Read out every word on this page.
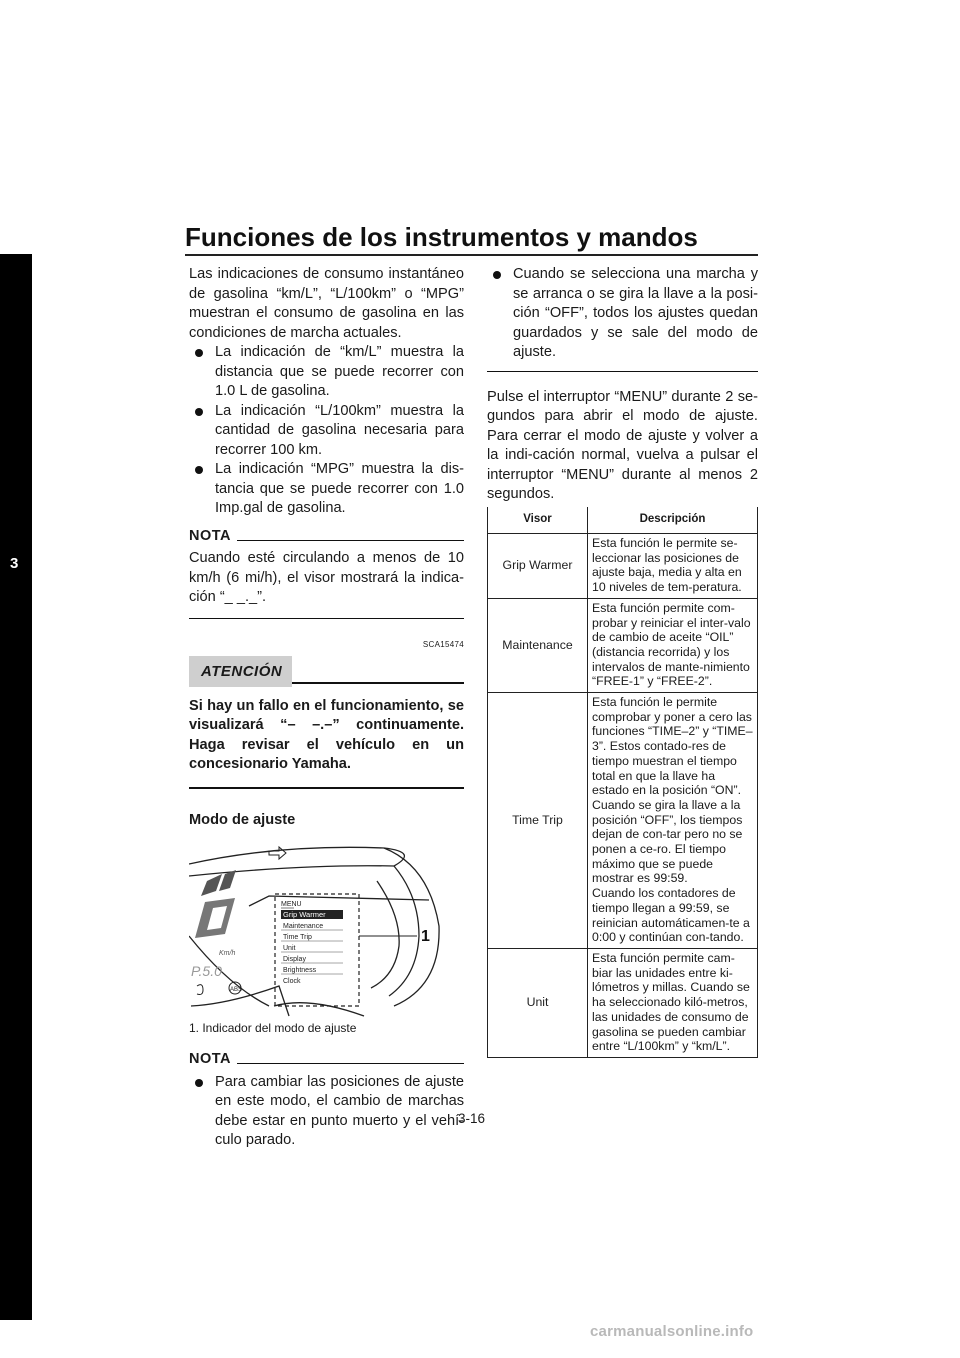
Funciones de los instrumentos y mandos
3

Las indicaciones de consumo instantáneo de gasolina “km/L”, “L/100km” o “MPG” muestran el consumo de gasolina en las condiciones de marcha actuales.

La indicación de “km/L” muestra la distancia que se puede recorrer con 1.0 L de gasolina.
La indicación “L/100km” muestra la cantidad de gasolina necesaria para recorrer 100 km.
La indicación “MPG” muestra la dis-tancia que se puede recorrer con 1.0 Imp.gal de gasolina.
NOTA

Cuando esté circulando a menos de 10 km/h (6 mi/h), el visor mostrará la indica-ción “_ _._”.

SCA15474
ATENCIÓN

Si hay un fallo en el funcionamiento, se visualizará “– –.–” continuamente. Haga revisar el vehículo en un concesionario Yamaha.

Modo de ajuste

Km/h
P.5.0
ABS
MENU
Grip Warmer
Maintenance
Time Trip
Unit
Display
Brightness
Clock
1

1. Indicador del modo de ajuste

NOTA
Para cambiar las posiciones de ajuste en este modo, el cambio de marchas debe estar en punto muerto y el vehí-culo parado.
Cuando se selecciona una marcha y se arranca o se gira la llave a la posi-ción “OFF”, todos los ajustes quedan guardados y se sale del modo de ajuste.

Pulse el interruptor “MENU” durante 2 se-gundos para abrir el modo de ajuste. Para cerrar el modo de ajuste y volver a la indi-cación normal, vuelva a pulsar el interruptor “MENU” durante al menos 2 segundos.

Visor	Descripción
Grip Warmer	Esta función le permite se-leccionar las posiciones de ajuste baja, media y alta en 10 niveles de tem-peratura.
Maintenance	Esta función permite com-probar y reiniciar el inter-valo de cambio de aceite “OIL” (distancia recorrida) y los intervalos de mante-nimiento “FREE-1” y “FREE-2”.
Time Trip	Esta función le permite comprobar y poner a cero las funciones “TIME–2” y “TIME–3”. Estos contado-res de tiempo muestran el tiempo total en que la llave ha estado en la posición “ON”. Cuando se gira la llave a la posición “OFF”, los tiempos dejan de con-tar pero no se ponen a ce-ro. El tiempo máximo que se puede mostrar es 99:59.
Cuando los contadores de tiempo llegan a 99:59, se reinician automáticamen-te a 0:00 y continúan con-tando.
Unit	Esta función permite cam-biar las unidades entre ki-lómetros y millas. Cuando se ha seleccionado kiló-metros, las unidades de consumo de gasolina se pueden cambiar entre “L/100km” y “km/L”.
3-16
carmanualsonline.info
